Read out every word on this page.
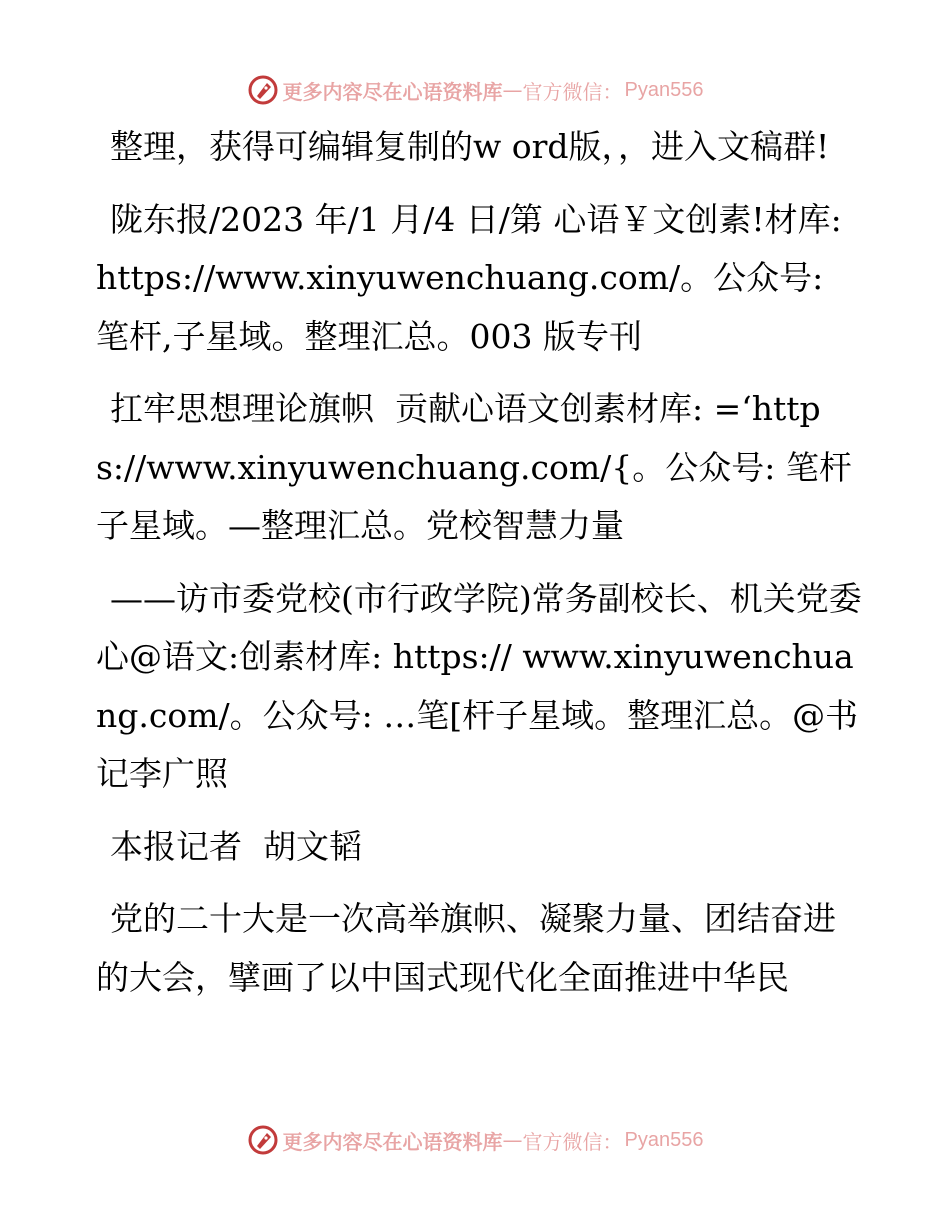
更多内容尽在心语资料库 — 官方微信： Pyan556

整理，获得可编辑复制的w ord版，，进入文稿群!

陇东报/2023 年/1 月/4 日/第 心语￥文创素!材库: https://www.xinyuwenchuang.com/。公众号: 笔杆,子星域。整理汇总。003 版专刊

扛牢思想理论旗帜  贡献心语文创素材库: =‘https://www.xinyuwenchuang.com/{。公众号: 笔杆子星域。—整理汇总。党校智慧力量

——访市委党校(市行政学院)常务副校长、机关党委心@语文:创素材库: https:// www.xinyuwenchuang.com/。公众号: …笔[杆子星域。整理汇总。@书记李广照

本报记者  胡文韬

党的二十大是一次高举旗帜、凝聚力量、团结奋进的大会，擘画了以中国式现代化全面推进中华民

更多内容尽在心语资料库 — 官方微信： Pyan556
